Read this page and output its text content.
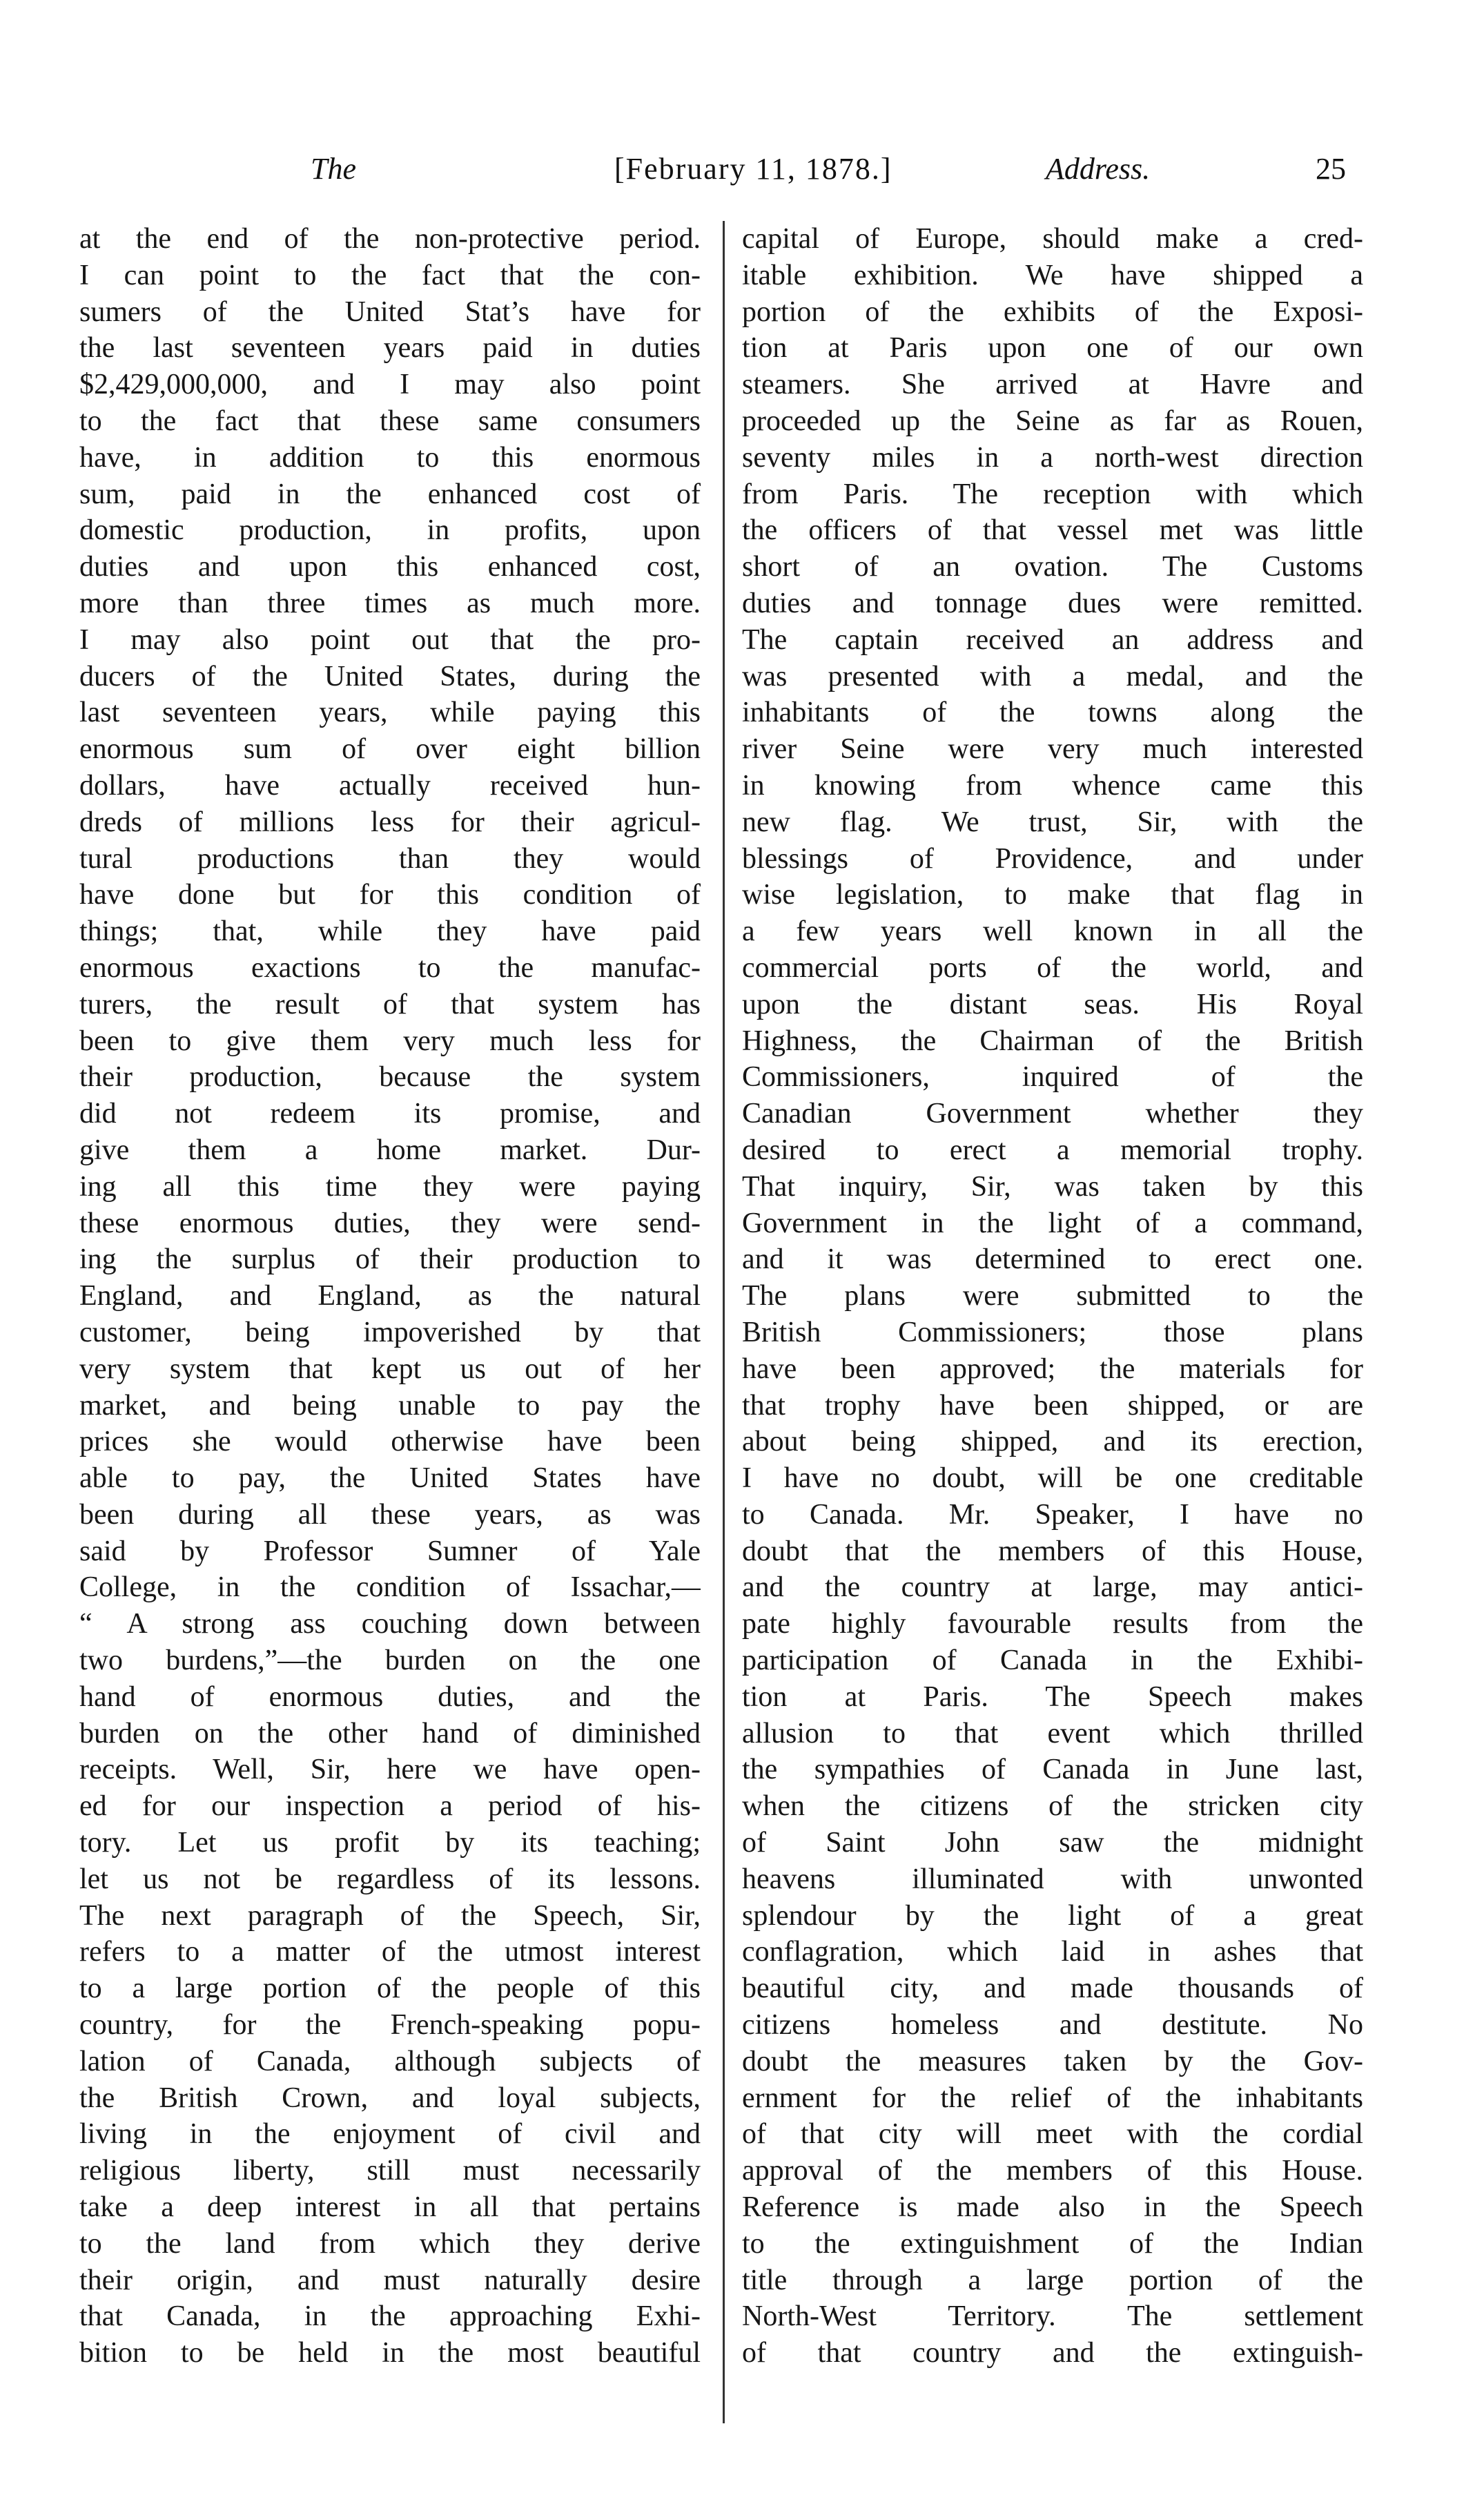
The	[February 11, 1878.]	Address.	25
at the end of the non-protective period.
I can point to the fact that the con-
sumers of the United Stat’s have for
the last seventeen years paid in duties
$2,429,000,000, and I may also point
to the fact that these same consumers
have, in addition to this enormous
sum, paid in the enhanced cost of
domestic production, in profits, upon
duties and upon this enhanced cost,
more than three times as much more.
I may also point out that the pro-
ducers of the United States, during the
last seventeen years, while paying this
enormous sum of over eight billion
dollars, have actually received hun-
dreds of millions less for their agricul-
tural productions than they would
have done but for this condition of
things; that, while they have paid
enormous exactions to the manufac-
turers, the result of that system has
been to give them very much less for
their production, because the system
did not redeem its promise, and
give them a home market. Dur-
ing all this time they were paying
these enormous duties, they were send-
ing the surplus of their production to
England, and England, as the natural
customer, being impoverished by that
very system that kept us out of her
market, and being unable to pay the
prices she would otherwise have been
able to pay, the United States have
been during all these years, as was
said by Professor Sumner of Yale
College, in the condition of Issachar,—
“ A strong ass couching down between
two burdens,”—the burden on the one
hand of enormous duties, and the
burden on the other hand of diminished
receipts. Well, Sir, here we have open-
ed for our inspection a period of his-
tory. Let us profit by its teaching;
let us not be regardless of its lessons.
The next paragraph of the Speech, Sir,
refers to a matter of the utmost interest
to a large portion of the people of this
country, for the French-speaking popu-
lation of Canada, although subjects of
the British Crown, and loyal subjects,
living in the enjoyment of civil and
religious liberty, still must necessarily
take a deep interest in all that pertains
to the land from which they derive
their origin, and must naturally desire
that Canada, in the approaching Exhi-
bition to be held in the most beautiful
capital of Europe, should make a cred-
itable exhibition. We have shipped a
portion of the exhibits of the Exposi-
tion at Paris upon one of our own
steamers. She arrived at Havre and
proceeded up the Seine as far as Rouen,
seventy miles in a north-west direction
from Paris. The reception with which
the officers of that vessel met was little
short of an ovation. The Customs
duties and tonnage dues were remitted.
The captain received an address and
was presented with a medal, and the
inhabitants of the towns along the
river Seine were very much interested
in knowing from whence came this
new flag. We trust, Sir, with the
blessings of Providence, and under
wise legislation, to make that flag in
a few years well known in all the
commercial ports of the world, and
upon the distant seas. His Royal
Highness, the Chairman of the British
Commissioners, inquired of the
Canadian Government whether they
desired to erect a memorial trophy.
That inquiry, Sir, was taken by this
Government in the light of a command,
and it was determined to erect one.
The plans were submitted to the
British Commissioners; those plans
have been approved; the materials for
that trophy have been shipped, or are
about being shipped, and its erection,
I have no doubt, will be one creditable
to Canada. Mr. Speaker, I have no
doubt that the members of this House,
and the country at large, may antici-
pate highly favourable results from the
participation of Canada in the Exhibi-
tion at Paris. The Speech makes
allusion to that event which thrilled
the sympathies of Canada in June last,
when the citizens of the stricken city
of Saint John saw the midnight
heavens illuminated with unwonted
splendour by the light of a great
conflagration, which laid in ashes that
beautiful city, and made thousands of
citizens homeless and destitute. No
doubt the measures taken by the Gov-
ernment for the relief of the inhabitants
of that city will meet with the cordial
approval of the members of this House.
Reference is made also in the Speech
to the extinguishment of the Indian
title through a large portion of the
North-West Territory. The settlement
of that country and the extinguish-
